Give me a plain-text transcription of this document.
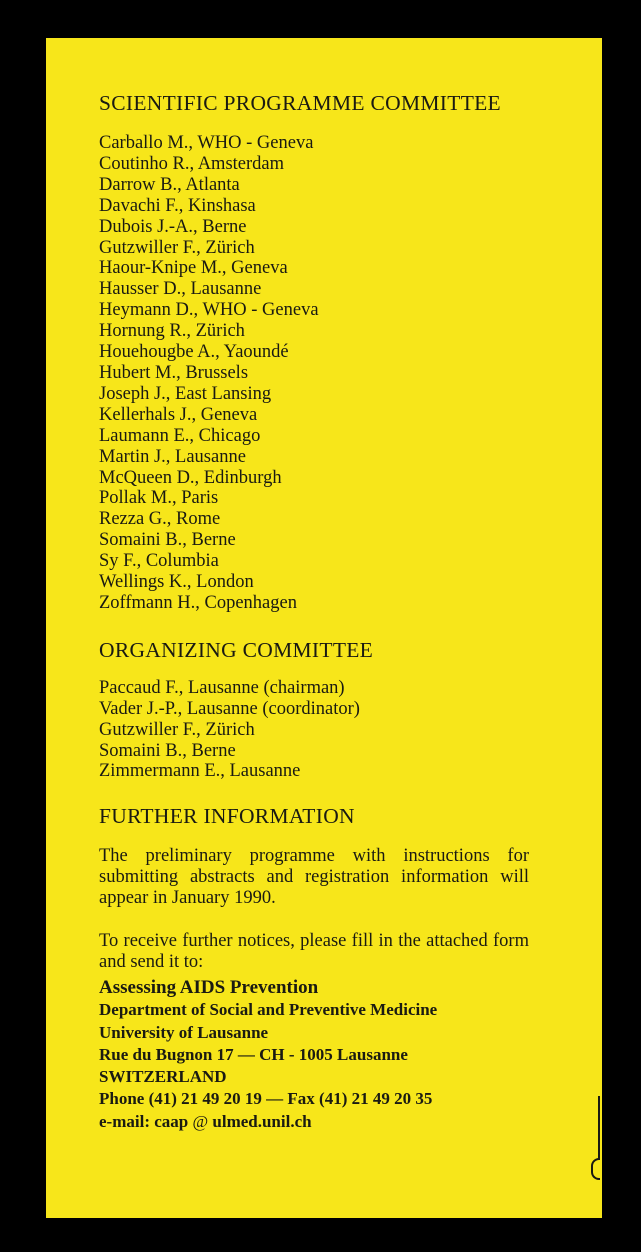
SCIENTIFIC PROGRAMME COMMITTEE
Carballo M., WHO - Geneva
Coutinho R., Amsterdam
Darrow B., Atlanta
Davachi F., Kinshasa
Dubois J.-A., Berne
Gutzwiller F., Zürich
Haour-Knipe M., Geneva
Hausser D., Lausanne
Heymann D., WHO - Geneva
Hornung R., Zürich
Houehougbe A., Yaoundé
Hubert M., Brussels
Joseph J., East Lansing
Kellerhals J., Geneva
Laumann E., Chicago
Martin J., Lausanne
McQueen D., Edinburgh
Pollak M., Paris
Rezza G., Rome
Somaini B., Berne
Sy F., Columbia
Wellings K., London
Zoffmann H., Copenhagen
ORGANIZING COMMITTEE
Paccaud F., Lausanne (chairman)
Vader J.-P., Lausanne (coordinator)
Gutzwiller F., Zürich
Somaini B., Berne
Zimmermann E., Lausanne
FURTHER INFORMATION

The preliminary programme with instructions for submitting abstracts and registration information will appear in January 1990.

To receive further notices, please fill in the attached form and send it to:

Assessing AIDS Prevention
Department of Social and Preventive Medicine
University of Lausanne
Rue du Bugnon 17 — CH - 1005 Lausanne
SWITZERLAND
Phone (41) 21 49 20 19 — Fax (41) 21 49 20 35
e-mail: caap @ ulmed.unil.ch
